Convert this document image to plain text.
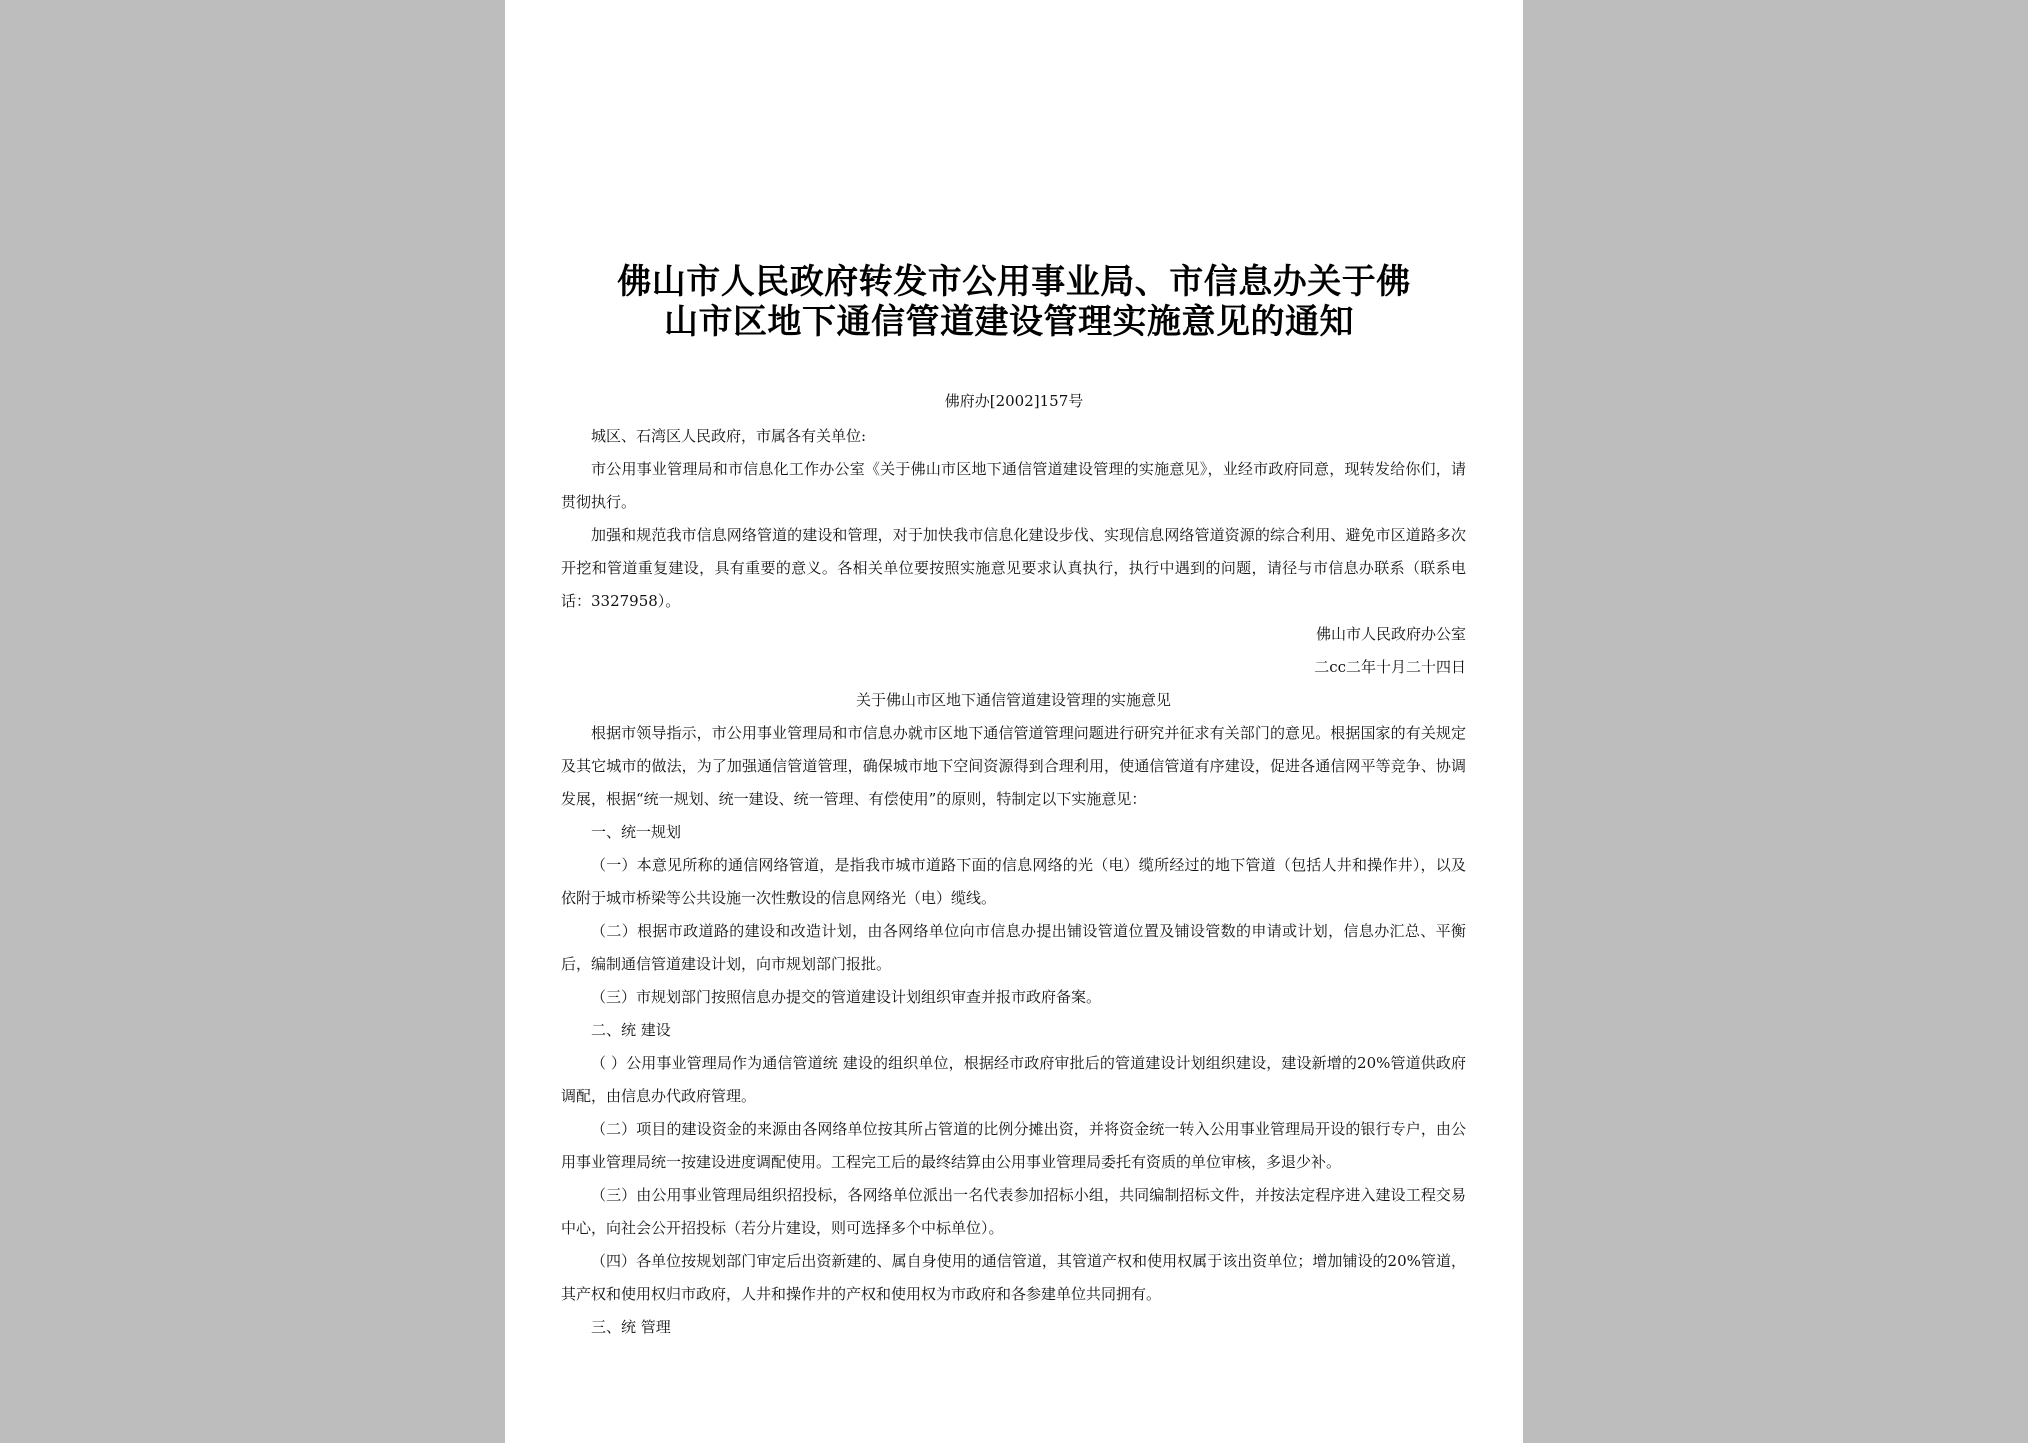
佛山市人民政府转发市公用事业局、市信息办关于佛
山市区地下通信管道建设管理实施意见的通知
佛府办[2002]157号

城区、石湾区人民政府，市属各有关单位:

市公用事业管理局和市信息化工作办公室《关于佛山市区地下通信管道建设管理的实施意见》，业经市政府同意，现转发给你们，请贯彻执行。

加强和规范我市信息网络管道的建设和管理，对于加快我市信息化建设步伐、实现信息网络管道资源的综合利用、避免市区道路多次开挖和管道重复建设，具有重要的意义。各相关单位要按照实施意见要求认真执行，执行中遇到的问题，请径与市信息办联系（联系电话：3327958）。

佛山市人民政府办公室

二cc二年十月二十四日

关于佛山市区地下通信管道建设管理的实施意见

根据市领导指示，市公用事业管理局和市信息办就市区地下通信管道管理问题进行研究并征求有关部门的意见。根据国家的有关规定及其它城市的做法，为了加强通信管道管理，确保城市地下空间资源得到合理利用，使通信管道有序建设，促进各通信网平等竞争、协调发展，根据“统一规划、统一建设、统一管理、有偿使用”的原则，特制定以下实施意见：

一、统一规划

（一）本意见所称的通信网络管道，是指我市城市道路下面的信息网络的光（电）缆所经过的地下管道（包括人井和操作井），以及依附于城市桥梁等公共设施一次性敷设的信息网络光（电）缆线。

（二）根据市政道路的建设和改造计划，由各网络单位向市信息办提出铺设管道位置及铺设管数的申请或计划，信息办汇总、平衡后，编制通信管道建设计划，向市规划部门报批。

（三）市规划部门按照信息办提交的管道建设计划组织审查并报市政府备案。

二、统 建设

（ ）公用事业管理局作为通信管道统 建设的组织单位，根据经市政府审批后的管道建设计划组织建设，建设新增的20%管道供政府调配，由信息办代政府管理。

（二）项目的建设资金的来源由各网络单位按其所占管道的比例分摊出资，并将资金统一转入公用事业管理局开设的银行专户，由公用事业管理局统一按建设进度调配使用。工程完工后的最终结算由公用事业管理局委托有资质的单位审核，多退少补。

（三）由公用事业管理局组织招投标，各网络单位派出一名代表参加招标小组，共同编制招标文件，并按法定程序进入建设工程交易中心，向社会公开招投标（若分片建设，则可选择多个中标单位）。

（四）各单位按规划部门审定后出资新建的、属自身使用的通信管道，其管道产权和使用权属于该出资单位；增加铺设的20%管道，其产权和使用权归市政府，人井和操作井的产权和使用权为市政府和各参建单位共同拥有。

三、统 管理
